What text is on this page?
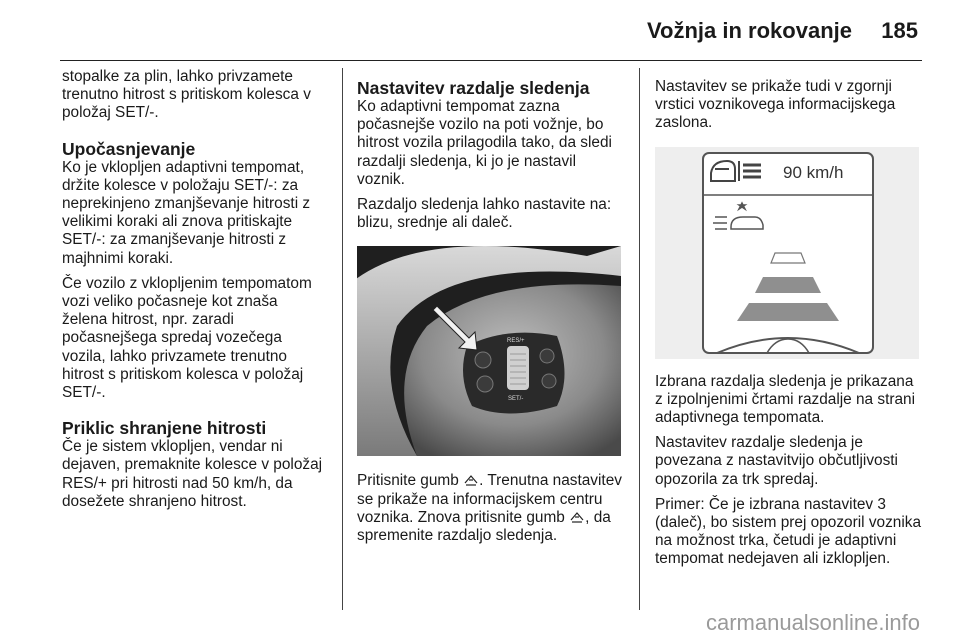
Vožnja in rokovanje 185

stopalke za plin, lahko privzamete trenutno hitrost s pritiskom kolesca v položaj SET/-.

Upočasnjevanje

Ko je vklopljen adaptivni tempomat, držite kolesce v položaju SET/-: za neprekinjeno zmanjševanje hitrosti z velikimi koraki ali znova pritiskajte SET/-: za zmanjševanje hitrosti z majhnimi koraki.

Če vozilo z vklopljenim tempomatom vozi veliko počasneje kot znaša želena hitrost, npr. zaradi počasnejšega spredaj vozečega vozila, lahko privzamete trenutno hitrost s pritiskom kolesca v položaj SET/-.

Priklic shranjene hitrosti

Če je sistem vklopljen, vendar ni dejaven, premaknite kolesce v položaj RES/+ pri hitrosti nad 50 km/h, da dosežete shranjeno hitrost.

Nastavitev razdalje sledenja

Ko adaptivni tempomat zazna počasnejše vozilo na poti vožnje, bo hitrost vozila prilagodila tako, da sledi razdalji sledenja, ki jo je nastavil voznik.

Razdaljo sledenja lahko nastavite na: blizu, srednje ali daleč.

RES/+
SET/-

Pritisnite gumb . Trenutna nastavitev se prikaže na informacijskem centru voznika. Znova pritisnite gumb , da spremenite razdaljo sledenja.

Nastavitev se prikaže tudi v zgornji vrstici voznikovega informacijskega zaslona.

90 km/h

Izbrana razdalja sledenja je prikazana z izpolnjenimi črtami razdalje na strani adaptivnega tempomata.

Nastavitev razdalje sledenja je povezana z nastavitvijo občutljivosti opozorila za trk spredaj.

Primer: Če je izbrana nastavitev 3 (daleč), bo sistem prej opozoril voznika na možnost trka, četudi je adaptivni tempomat nedejaven ali izklopljen.

carmanualsonline.info
